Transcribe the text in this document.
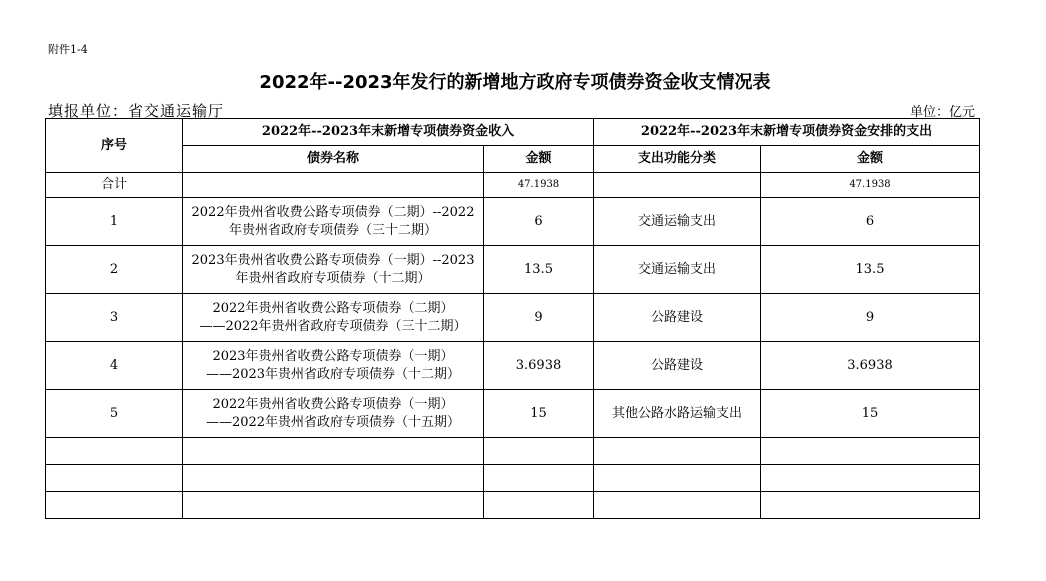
附件1-4
2022年--2023年发行的新增地方政府专项债券资金收支情况表
填报单位：省交通运输厅	单位：亿元
序号	2022年--2023年末新增专项债券资金收入		2022年--2023年末新增专项债券资金安排的支出	
	债券名称	金额	支出功能分类	金额
合计		47.1938		47.1938
1	2022年贵州省收费公路专项债券（二期）--2022
年贵州省政府专项债券（三十二期）	6	交通运输支出	6
2	2023年贵州省收费公路专项债券（一期）--2023
年贵州省政府专项债券（十二期）	13.5	交通运输支出	13.5
3	2022年贵州省收费公路专项债券（二期）
——2022年贵州省政府专项债券（三十二期）	9	公路建设	9
4	2023年贵州省收费公路专项债券（一期）
——2023年贵州省政府专项债券（十二期）	3.6938	公路建设	3.6938
5	2022年贵州省收费公路专项债券（一期）
——2022年贵州省政府专项债券（十五期）	15	其他公路水路运输支出	15
